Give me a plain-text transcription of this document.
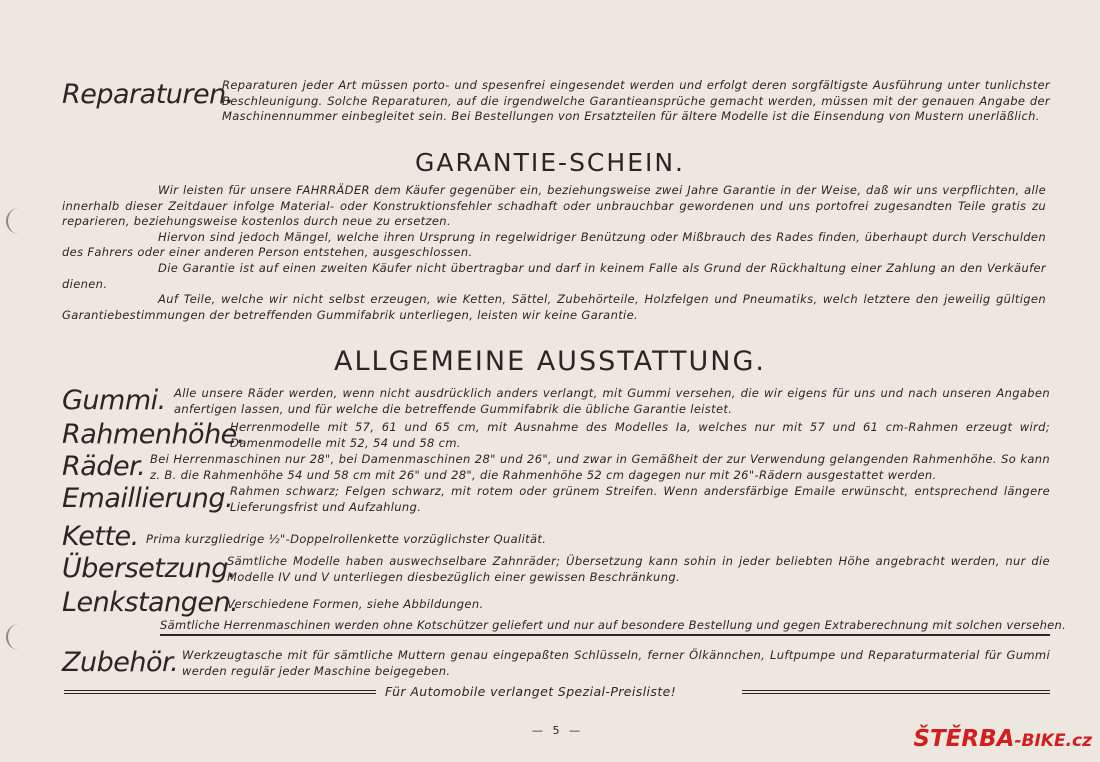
Reparaturen.
Reparaturen jeder Art müssen porto- und spesenfrei eingesendet werden und erfolgt deren sorgfältigste Ausführung unter tunlichster Beschleunigung. Solche Reparaturen, auf die irgendwelche Garantieansprüche gemacht werden, müssen mit der genauen Angabe der Maschinennummer einbegleitet sein. Bei Bestellungen von Ersatzteilen für ältere Modelle ist die Einsendung von Mustern unerläßlich.
GARANTIE-SCHEIN.

Wir leisten für unsere FAHRRÄDER dem Käufer gegenüber ein, beziehungsweise zwei Jahre Garantie in der Weise, daß wir uns verpflichten, alle innerhalb dieser Zeitdauer infolge Material- oder Konstruktionsfehler schadhaft oder unbrauchbar gewordenen und uns portofrei zugesandten Teile gratis zu reparieren, beziehungsweise kostenlos durch neue zu ersetzen.

Hiervon sind jedoch Mängel, welche ihren Ursprung in regelwidriger Benützung oder Mißbrauch des Rades finden, überhaupt durch Verschulden des Fahrers oder einer anderen Person entstehen, ausgeschlossen.

Die Garantie ist auf einen zweiten Käufer nicht übertragbar und darf in keinem Falle als Grund der Rückhaltung einer Zahlung an den Verkäufer dienen.

Auf Teile, welche wir nicht selbst erzeugen, wie Ketten, Sättel, Zubehörteile, Holzfelgen und Pneumatiks, welch letztere den jeweilig gültigen Garantiebestimmungen der betreffenden Gummifabrik unterliegen, leisten wir keine Garantie.

ALLGEMEINE AUSSTATTUNG.
Gummi. Alle unsere Räder werden, wenn nicht ausdrücklich anders verlangt, mit Gummi versehen, die wir eigens für uns und nach unseren Angaben anfertigen lassen, und für welche die betreffende Gummifabrik die übliche Garantie leistet.
Rahmenhöhe.
Herrenmodelle mit 57, 61 und 65 cm, mit Ausnahme des Modelles Ia, welches nur mit 57 und 61 cm-Rahmen erzeugt wird; Damenmodelle mit 52, 54 und 58 cm.
Räder. Bei Herrenmaschinen nur 28", bei Damenmaschinen 28" und 26", und zwar in Gemäßheit der zur Verwendung gelangenden Rahmenhöhe. So kann z. B. die Rahmenhöhe 54 und 58 cm mit 26" und 28", die Rahmenhöhe 52 cm dagegen nur mit 26"-Rädern ausgestattet werden.
Emaillierung.
Rahmen schwarz; Felgen schwarz, mit rotem oder grünem Streifen. Wenn andersfärbige Emaile erwünscht, entsprechend längere Lieferungsfrist und Aufzahlung.
Kette. Prima kurzgliedrige ½"-Doppelrollenkette vorzüglichster Qualität.
Übersetzung.
Sämtliche Modelle haben auswechselbare Zahnräder; Übersetzung kann sohin in jeder beliebten Höhe angebracht werden, nur die Modelle IV und V unterliegen diesbezüglich einer gewissen Beschränkung.
Lenkstangen.
Verschiedene Formen, siehe Abbildungen.
Sämtliche Herrenmaschinen werden ohne Kotschützer geliefert und nur auf besondere Bestellung und gegen Extraberechnung mit solchen versehen.
Zubehör. Werkzeugtasche mit für sämtliche Muttern genau eingepaßten Schlüsseln, ferner Ölkännchen, Luftpumpe und Reparaturmaterial für Gummi werden regulär jeder Maschine beigegeben.
Für Automobile verlanget Spezial-Preisliste!
— 5 —	ŠTĚRBA-BIKE.cz
